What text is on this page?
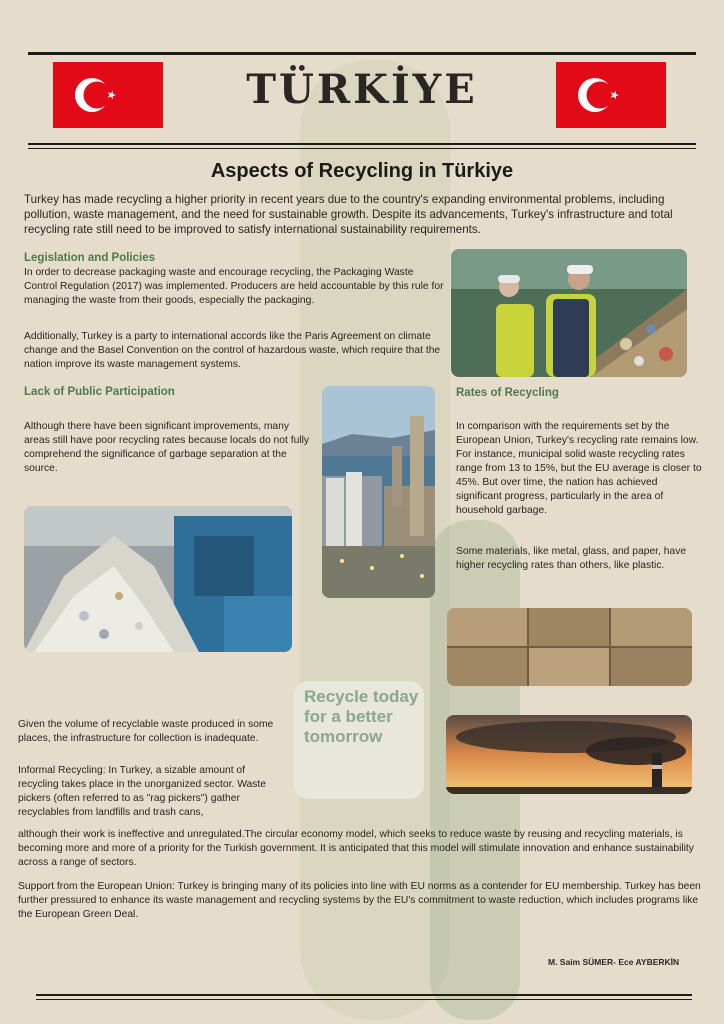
TÜRKİYE
Aspects of Recycling in Türkiye

Turkey has made recycling a higher priority in recent years due to the country's expanding environmental problems, including pollution, waste management, and the need for sustainable growth. Despite its advancements, Turkey's infrastructure and total recycling rate still need to be improved to satisfy international sustainability requirements.

Legislation and Policies

In order to decrease packaging waste and encourage recycling, the Packaging Waste Control Regulation (2017) was implemented. Producers are held accountable by this rule for managing the waste from their goods, especially the packaging.

Additionally, Turkey is a party to international accords like the Paris Agreement on climate change and the Basel Convention on the control of hazardous waste, which require that the nation improve its waste management systems.

Lack of Public Participation

Although there have been significant improvements, many areas still have poor recycling rates because locals do not fully comprehend the significance of garbage separation at the source.

Rates of Recycling

In comparison with the requirements set by the European Union, Turkey's recycling rate remains low. For instance, municipal solid waste recycling rates range from 13 to 15%, but the EU average is closer to 45%. But over time, the nation has achieved significant progress, particularly in the area of household garbage.

Some materials, like metal, glass, and paper, have higher recycling rates than others, like plastic.

Recycle today for a better tomorrow

Given the volume of recyclable waste produced in some places, the infrastructure for collection is inadequate.

Informal Recycling: In Turkey, a sizable amount of recycling takes place in the unorganized sector. Waste pickers (often referred to as "rag pickers") gather recyclables from landfills and trash cans,

although their work is ineffective and unregulated.The circular economy model, which seeks to reduce waste by reusing and recycling materials, is becoming more and more of a priority for the Turkish government. It is anticipated that this model will stimulate innovation and enhance sustainability across a range of sectors.

Support from the European Union: Turkey is bringing many of its policies into line with EU norms as a contender for EU membership. Turkey has been further pressured to enhance its waste management and recycling systems by the EU's commitment to waste reduction, which includes programs like the European Green Deal.

M. Saim SÜMER- Ece AYBERKİN
